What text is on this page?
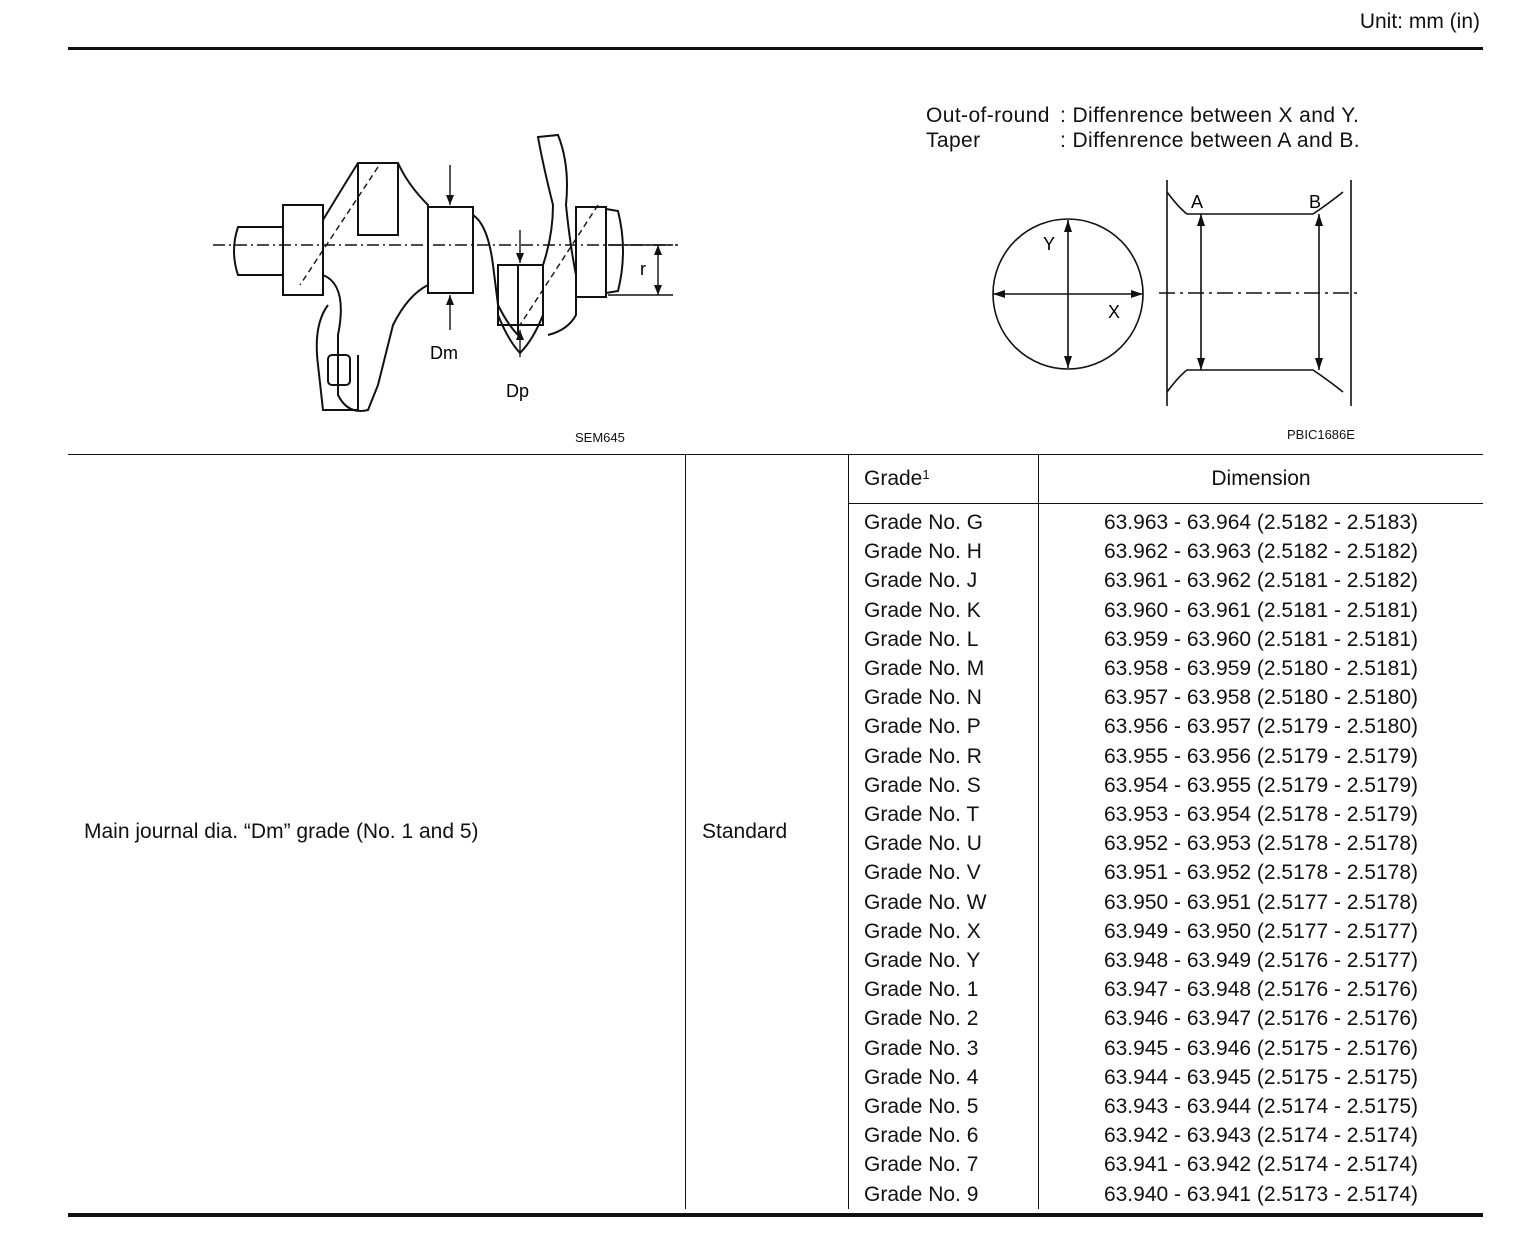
Unit: mm (in)
r
Dm
Dp
SEM645
Out-of-round : Diffenrence between X and Y.
Taper	: Diffenrence between A and B.
Y
X
A	B
PBIC1686E
Main journal dia. “Dm” grade (No. 1 and 5)	Standard	Grade$^1$	Dimension
		Grade No. G	63.963 - 63.964 (2.5182 - 2.5183)
		Grade No. H	63.962 - 63.963 (2.5182 - 2.5182)
		Grade No. J	63.961 - 63.962 (2.5181 - 2.5182)
		Grade No. K	63.960 - 63.961 (2.5181 - 2.5181)
		Grade No. L	63.959 - 63.960 (2.5181 - 2.5181)
		Grade No. M	63.958 - 63.959 (2.5180 - 2.5181)
		Grade No. N	63.957 - 63.958 (2.5180 - 2.5180)
		Grade No. P	63.956 - 63.957 (2.5179 - 2.5180)
		Grade No. R	63.955 - 63.956 (2.5179 - 2.5179)
		Grade No. S	63.954 - 63.955 (2.5179 - 2.5179)
		Grade No. T	63.953 - 63.954 (2.5178 - 2.5179)
		Grade No. U	63.952 - 63.953 (2.5178 - 2.5178)
		Grade No. V	63.951 - 63.952 (2.5178 - 2.5178)
		Grade No. W	63.950 - 63.951 (2.5177 - 2.5178)
		Grade No. X	63.949 - 63.950 (2.5177 - 2.5177)
		Grade No. Y	63.948 - 63.949 (2.5176 - 2.5177)
		Grade No. 1	63.947 - 63.948 (2.5176 - 2.5176)
		Grade No. 2	63.946 - 63.947 (2.5176 - 2.5176)
		Grade No. 3	63.945 - 63.946 (2.5175 - 2.5176)
		Grade No. 4	63.944 - 63.945 (2.5175 - 2.5175)
		Grade No. 5	63.943 - 63.944 (2.5174 - 2.5175)
		Grade No. 6	63.942 - 63.943 (2.5174 - 2.5174)
		Grade No. 7	63.941 - 63.942 (2.5174 - 2.5174)
		Grade No. 9	63.940 - 63.941 (2.5173 - 2.5174)
